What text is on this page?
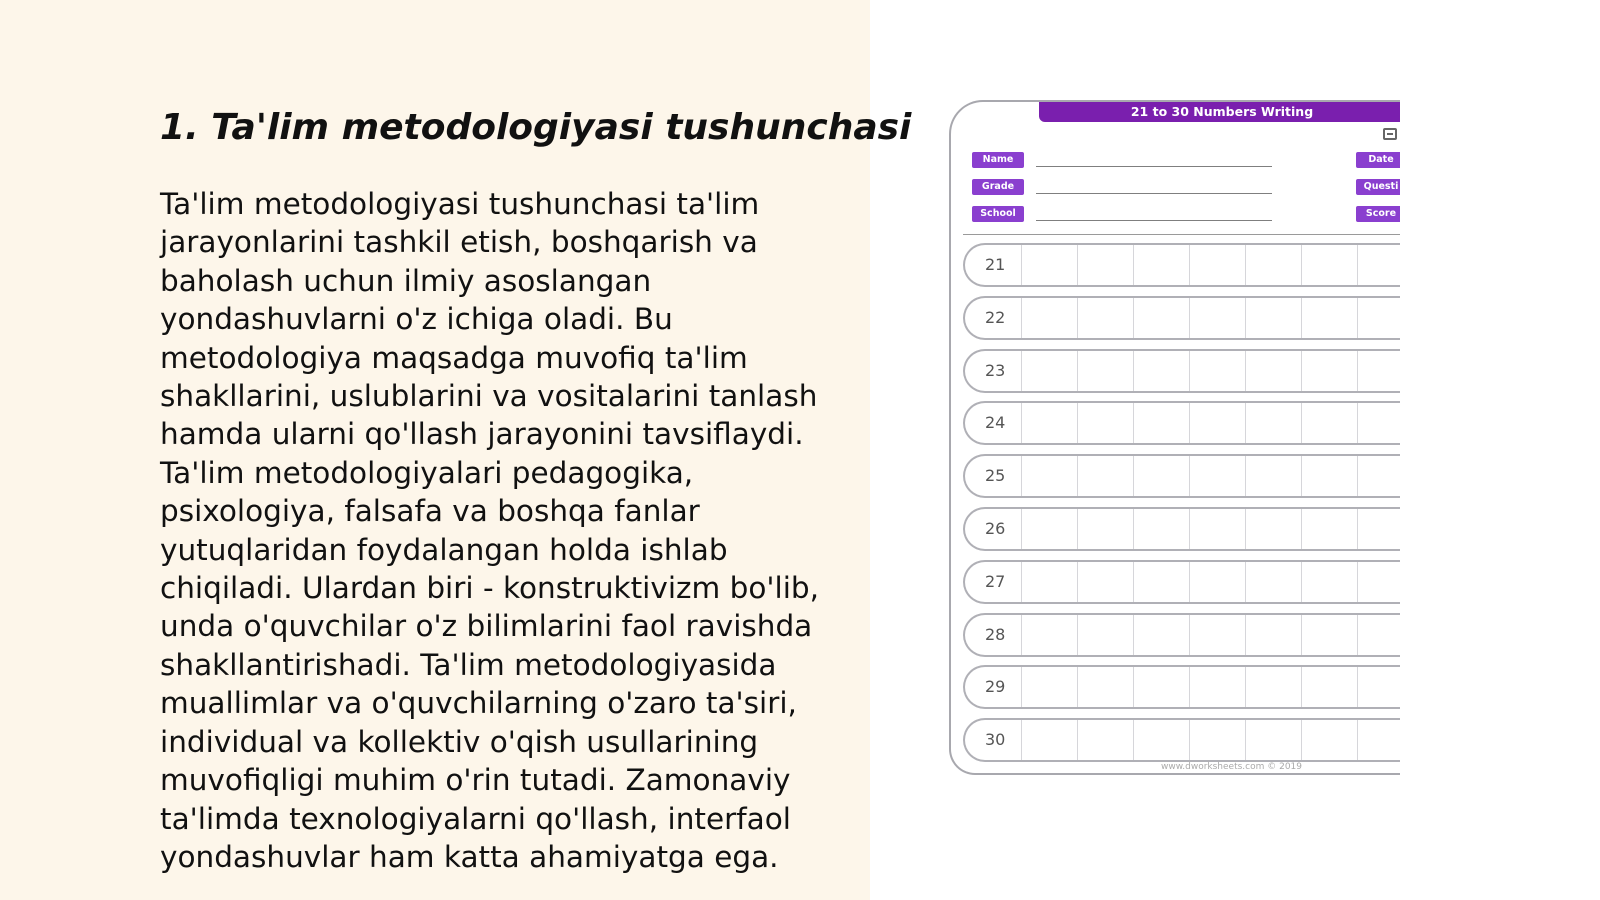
1. Ta'lim metodologiyasi tushunchasi
Ta'lim metodologiyasi tushunchasi ta'lim
jarayonlarini tashkil etish, boshqarish va
baholash uchun ilmiy asoslangan
yondashuvlarni o'z ichiga oladi. Bu
metodologiya maqsadga muvofiq ta'lim
shakllarini, uslublarini va vositalarini tanlash
hamda ularni qo'llash jarayonini tavsiflaydi.
Ta'lim metodologiyalari pedagogika,
psixologiya, falsafa va boshqa fanlar
yutuqlaridan foydalangan holda ishlab
chiqiladi. Ulardan biri - konstruktivizm bo'lib,
unda o'quvchilar o'z bilimlarini faol ravishda
shakllantirishadi. Ta'lim metodologiyasida
muallimlar va o'quvchilarning o'zaro ta'siri,
individual va kollektiv o'qish usullarining
muvofiqligi muhim o'rin tutadi. Zamonaviy
ta'limda texnologiyalarni qo'llash, interfaol
yondashuvlar ham katta ahamiyatga ega.
21 to 30 Numbers Writing
Name	Date
Grade	Questi
School	Score
21
22
23
24
25
26
27
28
29
30
www.dworksheets.com © 2019
